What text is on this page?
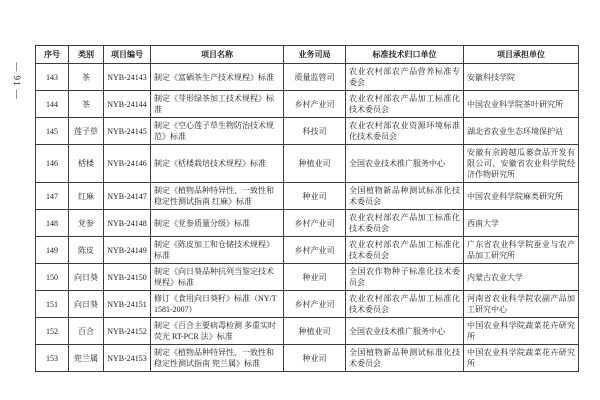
— 91 —
序号	类别	项目编号	项目名称	业务司局	标准技术归口单位	项目承担单位
143	茶	NYB-24143	制定《富硒茶生产技术规程》标准	质量监管司	农业农村部农产品营养标准专委会	安徽科技学院
144	茶	NYB-24144	制定《芽形绿茶加工技术规程》标准	乡村产业司	农业农村部农产品加工标准化技术委员会	中国农业科学院茶叶研究所
145	莲子草	NYB-24145	制定《空心莲子草生物防治技术规范》标准	科技司	农业农村部农业资源环境标准化技术委员会	湖北省农业生态环境保护站
146	栝楼	NYB-24146	制定《栝楼栽培技术规程》标准	种植业司	全国农业技术推广服务中心	安徽有余跨越瓜蒌食品开发有限公司、安徽省农业科学院经济作物研究所
147	红麻	NYB-24147	制定《植物品种特异性、一致性和稳定性测试指南 红麻》标准	种业司	全国植物新品种测试标准化技术委员会	中国农业科学院麻类研究所
148	党参	NYB-24148	制定《党参质量分级》标准	乡村产业司	农业农村部农产品加工标准化技术委员会	西南大学
149	陈皮	NYB-24149	制定《陈皮加工和仓储技术规程》标准	乡村产业司	农业农村部农产品加工标准化技术委员会	广东省农业科学院蚕业与农产品加工研究所
150	向日葵	NYB-24150	制定《向日葵品种抗列当鉴定技术规程》标准	种业司	全国农作物种子标准化技术委员会	内蒙古农业大学
151	向日葵	NYB-24151	修订《食用向日葵籽》标准（NY/T 1581-2007）	乡村产业司	农业农村部农产品加工标准化技术委员会	河南省农业科学院农副产品加工研究中心
152	百合	NYB-24152	制定《百合主要病毒检测 多重实时荧光 RT-PCR 法》标准	种植业司	全国农业技术推广服务中心	中国农业科学院蔬菜花卉研究所
153	兜兰属	NYB-24153	制定《植物品种特异性、一致性和稳定性测试指南 兜兰属》标准	种业司	全国植物新品种测试标准化技术委员会	中国农业科学院蔬菜花卉研究所
